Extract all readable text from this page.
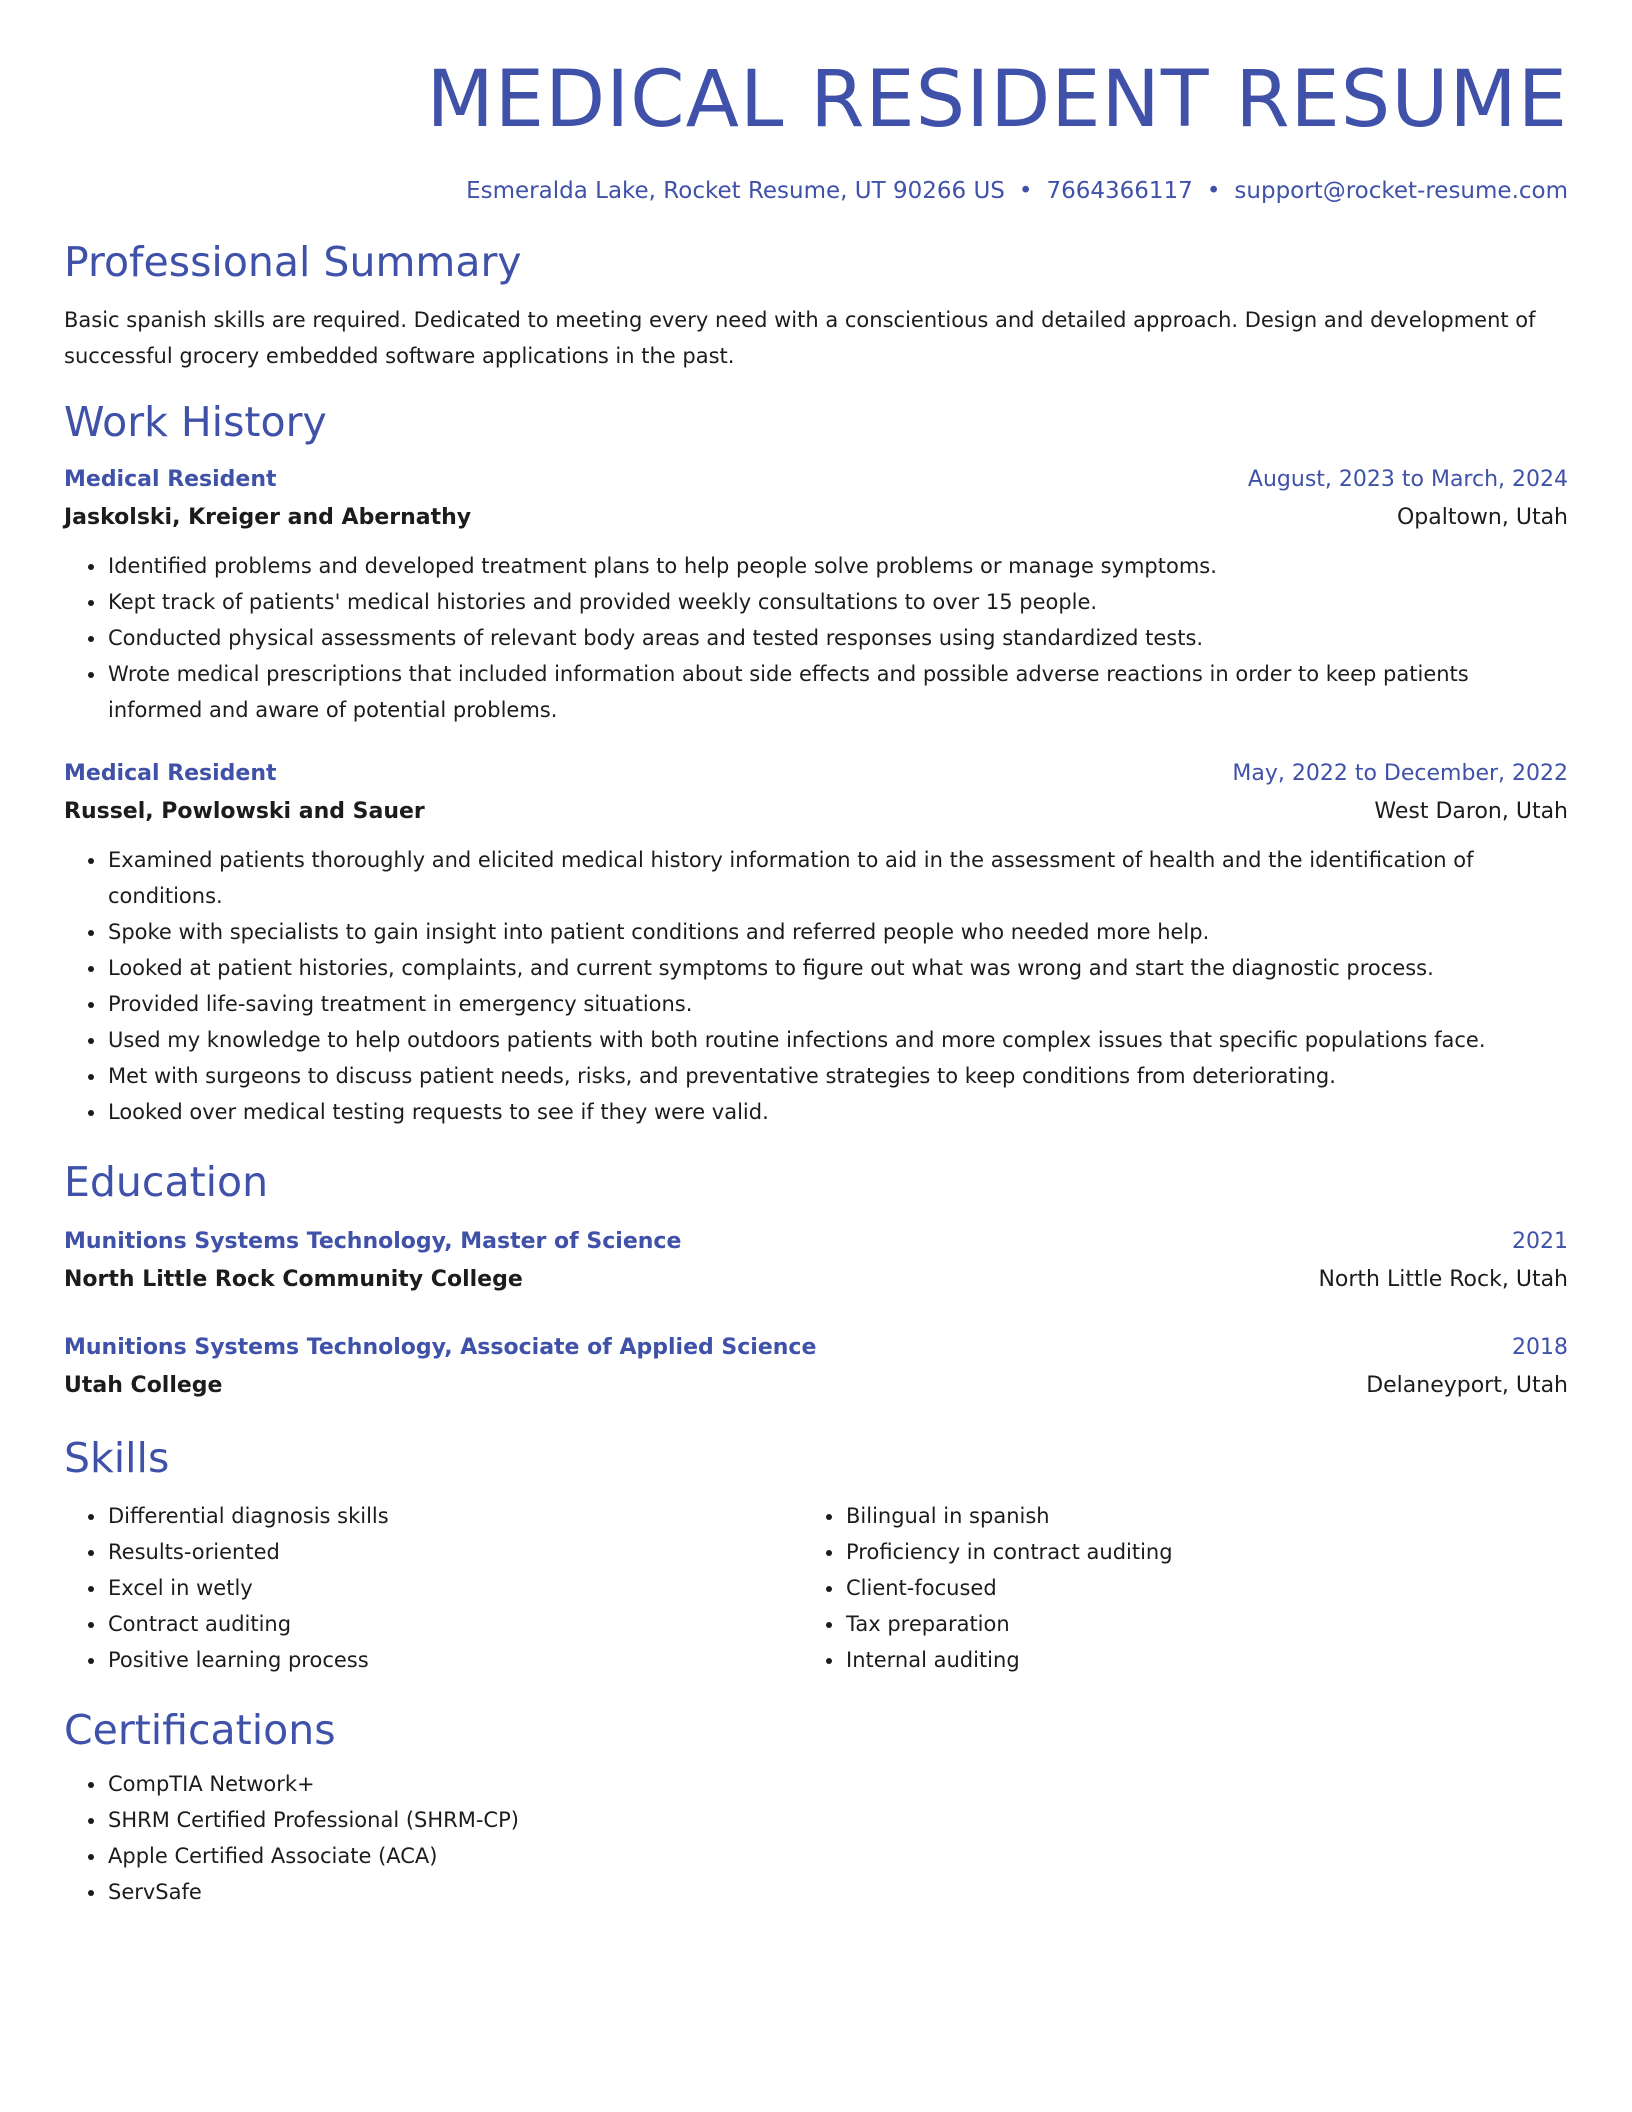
MEDICAL RESIDENT RESUME
Esmeralda Lake, Rocket Resume, UT 90266 US • 7664366117 • support@rocket-resume.com
Professional Summary
Basic spanish skills are required. Dedicated to meeting every need with a conscientious and detailed approach. Design and development of successful grocery embedded software applications in the past.
Work History
Medical Resident	August, 2023 to March, 2024
Jaskolski, Kreiger and Abernathy	Opaltown, Utah
• Identified problems and developed treatment plans to help people solve problems or manage symptoms.
• Kept track of patients' medical histories and provided weekly consultations to over 15 people.
• Conducted physical assessments of relevant body areas and tested responses using standardized tests.
• Wrote medical prescriptions that included information about side effects and possible adverse reactions in order to keep patients informed and aware of potential problems.
Medical Resident	May, 2022 to December, 2022
Russel, Powlowski and Sauer	West Daron, Utah
• Examined patients thoroughly and elicited medical history information to aid in the assessment of health and the identification of conditions.
• Spoke with specialists to gain insight into patient conditions and referred people who needed more help.
• Looked at patient histories, complaints, and current symptoms to figure out what was wrong and start the diagnostic process.
• Provided life-saving treatment in emergency situations.
• Used my knowledge to help outdoors patients with both routine infections and more complex issues that specific populations face.
• Met with surgeons to discuss patient needs, risks, and preventative strategies to keep conditions from deteriorating.
• Looked over medical testing requests to see if they were valid.
Education
Munitions Systems Technology, Master of Science	2021
North Little Rock Community College	North Little Rock, Utah
Munitions Systems Technology, Associate of Applied Science	2018
Utah College	Delaneyport, Utah
Skills
• Differential diagnosis skills
• Results-oriented
• Excel in wetly
• Contract auditing
• Positive learning process
• Bilingual in spanish
• Proficiency in contract auditing
• Client-focused
• Tax preparation
• Internal auditing
Certifications
• CompTIA Network+
• SHRM Certified Professional (SHRM-CP)
• Apple Certified Associate (ACA)
• ServSafe
